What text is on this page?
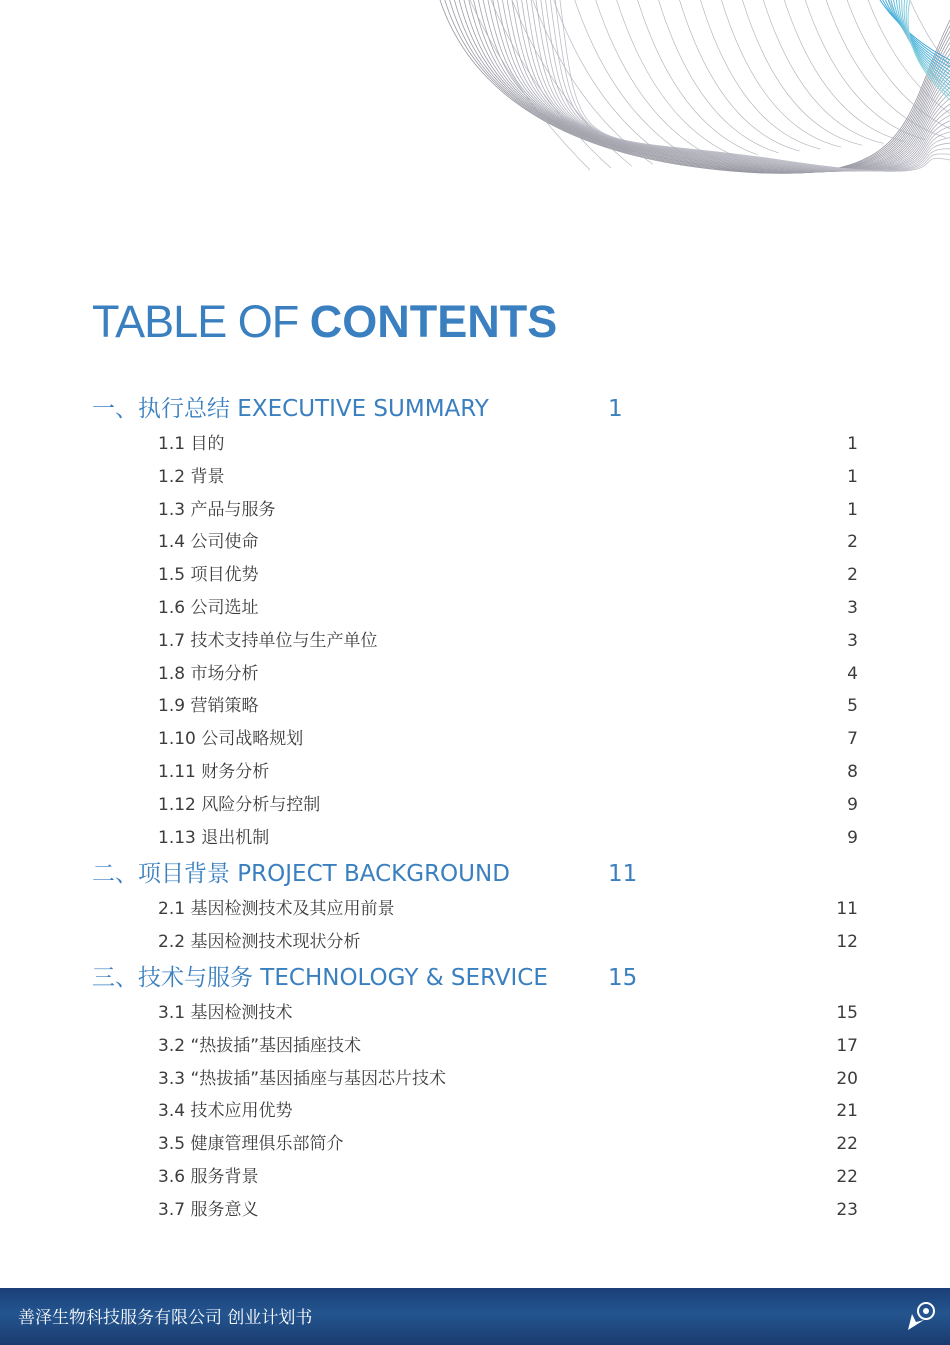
TABLE OF CONTENTS
一、执行总结 EXECUTIVE SUMMARY	1
1.1 目的	1
1.2 背景	1
1.3 产品与服务	1
1.4 公司使命	2
1.5 项目优势	2
1.6 公司选址	3
1.7 技术支持单位与生产单位	3
1.8 市场分析	4
1.9 营销策略	5
1.10 公司战略规划	7
1.11 财务分析	8
1.12 风险分析与控制	9
1.13 退出机制	9
二、项目背景 PROJECT BACKGROUND	11
2.1 基因检测技术及其应用前景	11
2.2 基因检测技术现状分析	12
三、技术与服务 TECHNOLOGY & SERVICE	15
3.1 基因检测技术	15
3.2 “热拔插”基因插座技术	17
3.3 “热拔插”基因插座与基因芯片技术	20
3.4 技术应用优势	21
3.5 健康管理俱乐部简介	22
3.6 服务背景	22
3.7 服务意义	23
善泽生物科技服务有限公司 创业计划书
